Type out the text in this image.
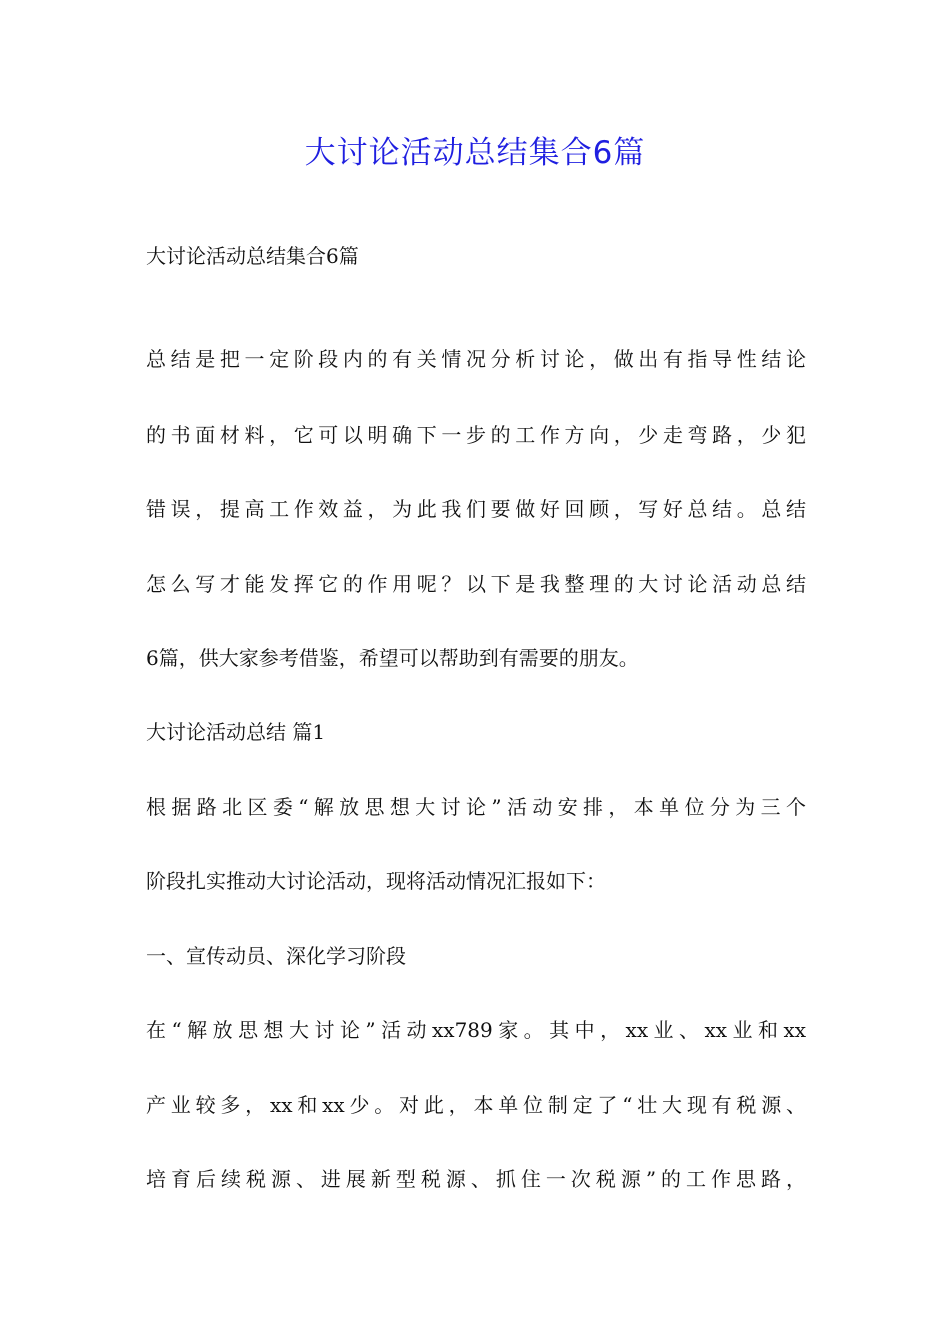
大讨论活动总结集合6篇
大讨论活动总结集合6篇
总结是把一定阶段内的有关情况分析讨论，做出有指导性结论
的书面材料，它可以明确下一步的工作方向，少走弯路，少犯
错误，提高工作效益，为此我们要做好回顾，写好总结。总结
怎么写才能发挥它的作用呢？以下是我整理的大讨论活动总结
6篇，供大家参考借鉴，希望可以帮助到有需要的朋友。
大讨论活动总结 篇1
根据路北区委“解放思想大讨论”活动安排，本单位分为三个
阶段扎实推动大讨论活动，现将活动情况汇报如下：
一、宣传动员、深化学习阶段
在“解放思想大讨论”活动xx789家。其中，xx业、xx业和xx
产业较多，xx和xx少。对此，本单位制定了“壮大现有税源、
培育后续税源、进展新型税源、抓住一次税源”的工作思路，
